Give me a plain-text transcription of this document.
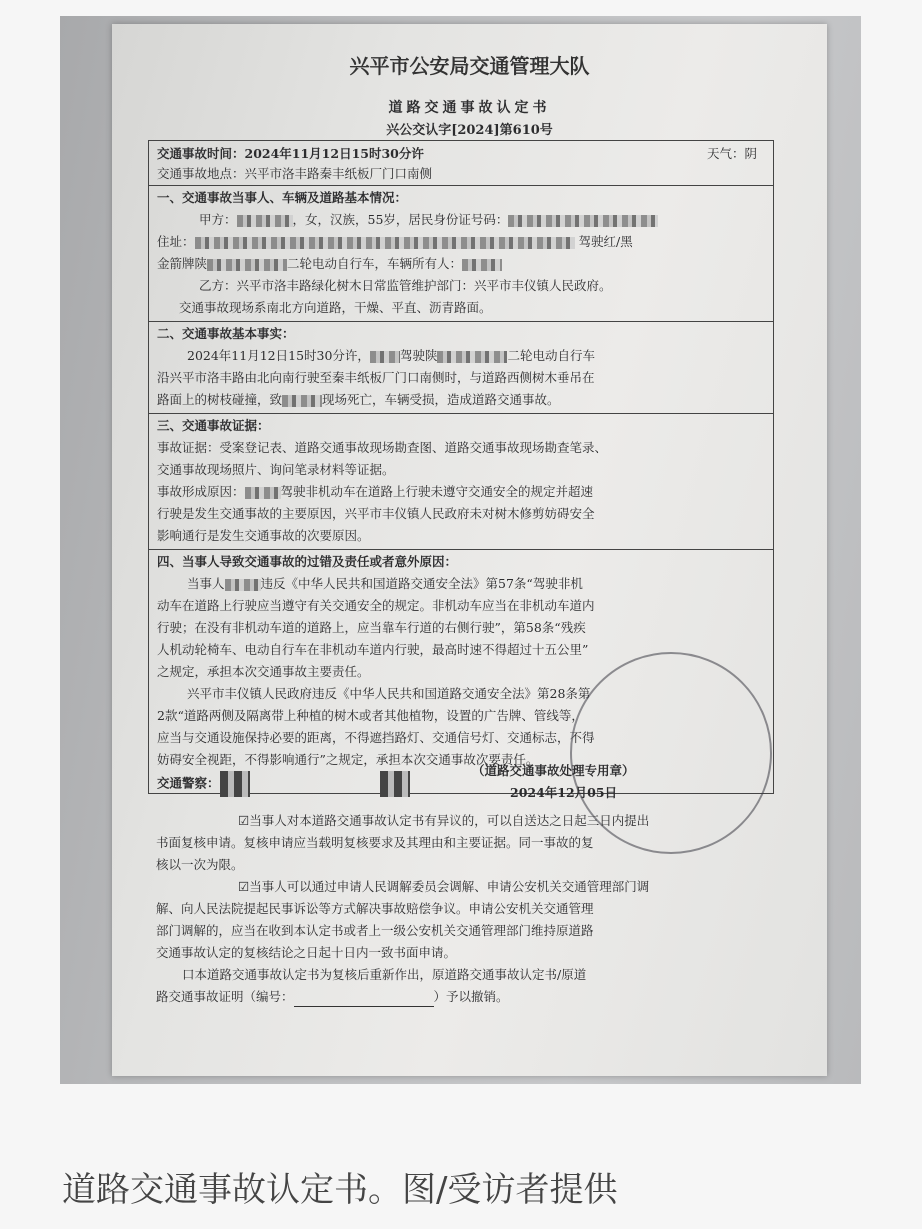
兴平市公安局交通管理大队
道路交通事故认定书
兴公交认字[2024]第610号
交通事故时间：2024年11月12日15时30分许	天气：阴
交通事故地点：兴平市洛丰路秦丰纸板厂门口南侧
一、交通事故当事人、车辆及道路基本情况：
甲方：	，女，汉族，55岁，居民身份证号码：
住址：	驾驶红/黑
金箭牌陕	二轮电动自行车，车辆所有人：
乙方：兴平市洛丰路绿化树木日常监管维护部门：兴平市丰仪镇人民政府。
交通事故现场系南北方向道路，干燥、平直、沥青路面。
二、交通事故基本事实：
2024年11月12日15时30分许， 驾驶陕	二轮电动自行车
沿兴平市洛丰路由北向南行驶至秦丰纸板厂门口南侧时，与道路西侧树木垂吊在
路面上的树枝碰撞，致	现场死亡，车辆受损，造成道路交通事故。
三、交通事故证据：
事故证据：受案登记表、道路交通事故现场勘查图、道路交通事故现场勘查笔录、
交通事故现场照片、询问笔录材料等证据。
事故形成原因：	驾驶非机动车在道路上行驶未遵守交通安全的规定并超速
行驶是发生交通事故的主要原因，兴平市丰仪镇人民政府未对树木修剪妨碍安全
影响通行是发生交通事故的次要原因。
四、当事人导致交通事故的过错及责任或者意外原因：
当事人	违反《中华人民共和国道路交通安全法》第57条“驾驶非机
动车在道路上行驶应当遵守有关交通安全的规定。非机动车应当在非机动车道内
行驶；在没有非机动车道的道路上，应当靠车行道的右侧行驶”，第58条“残疾
人机动轮椅车、电动自行车在非机动车道内行驶，最高时速不得超过十五公里”
之规定，承担本次交通事故主要责任。
兴平市丰仪镇人民政府违反《中华人民共和国道路交通安全法》第28条第
2款“道路两侧及隔离带上种植的树木或者其他植物，设置的广告牌、管线等，
应当与交通设施保持必要的距离，不得遮挡路灯、交通信号灯、交通标志，不得
妨碍安全视距，不得影响通行”之规定，承担本次交通事故次要责任。
交通警察：
（道路交通事故处理专用章）
2024年12月05日
☑当事人对本道路交通事故认定书有异议的，可以自送达之日起三日内提出
书面复核申请。复核申请应当载明复核要求及其理由和主要证据。同一事故的复
核以一次为限。
☑当事人可以通过申请人民调解委员会调解、申请公安机关交通管理部门调
解、向人民法院提起民事诉讼等方式解决事故赔偿争议。申请公安机关交通管理
部门调解的，应当在收到本认定书或者上一级公安机关交通管理部门维持原道路
交通事故认定的复核结论之日起十日内一致书面申请。
口本道路交通事故认定书为复核后重新作出，原道路交通事故认定书/原道
路交通事故证明（编号：	）予以撤销。
道路交通事故认定书。图/受访者提供
